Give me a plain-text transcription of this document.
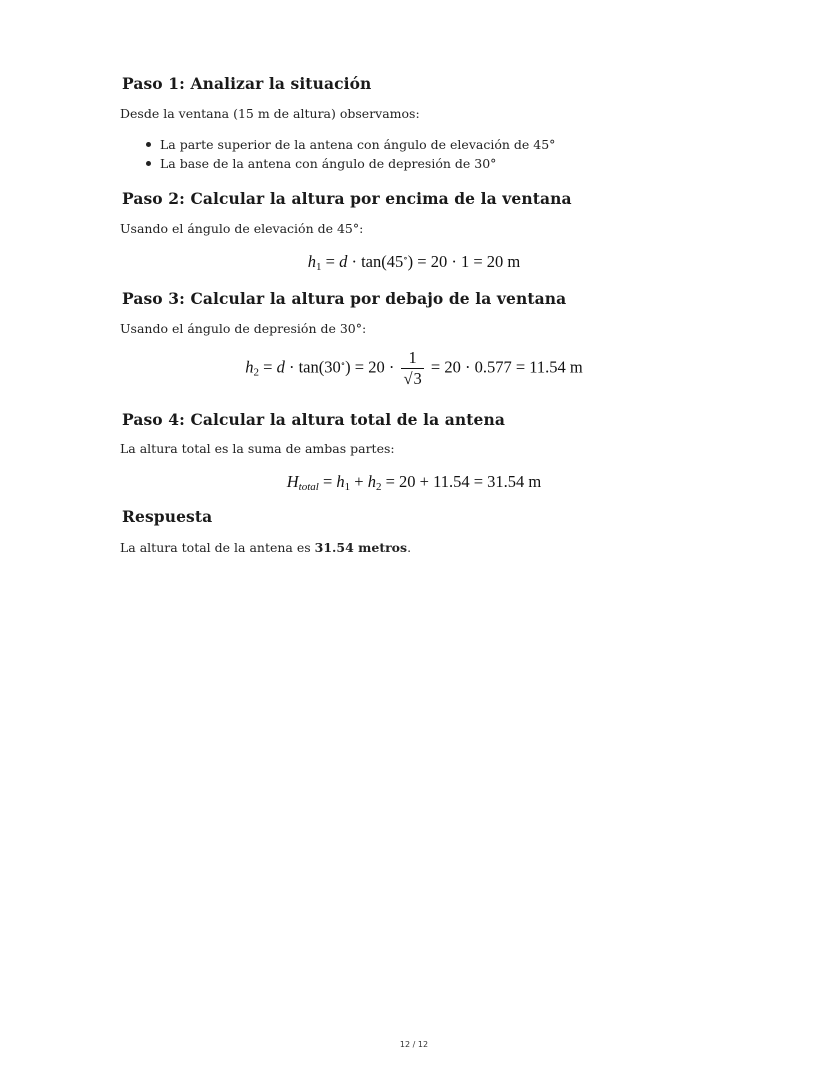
Paso 1: Analizar la situación

Desde la ventana (15 m de altura) observamos:

La parte superior de la antena con ángulo de elevación de 45°
La base de la antena con ángulo de depresión de 30°
Paso 2: Calcular la altura por encima de la ventana

Usando el ángulo de elevación de 45°:

$h_1 = d \cdot \tan(45^\circ) = 20 \cdot 1 = 20$ m
Paso 3: Calcular la altura por debajo de la ventana

Usando el ángulo de depresión de 30°:

$h_2 = d \cdot \tan(30^\circ) = 20 \cdot \frac{1}{√3} = 20 \cdot 0.577 = 11.54$ m
Paso 4: Calcular la altura total de la antena

La altura total es la suma de ambas partes:

$H_{total} = h_1 + h_2 = 20 + 11.54 = 31.54$ m
Respuesta

La altura total de la antena es 31.54 metros.

12 / 12
